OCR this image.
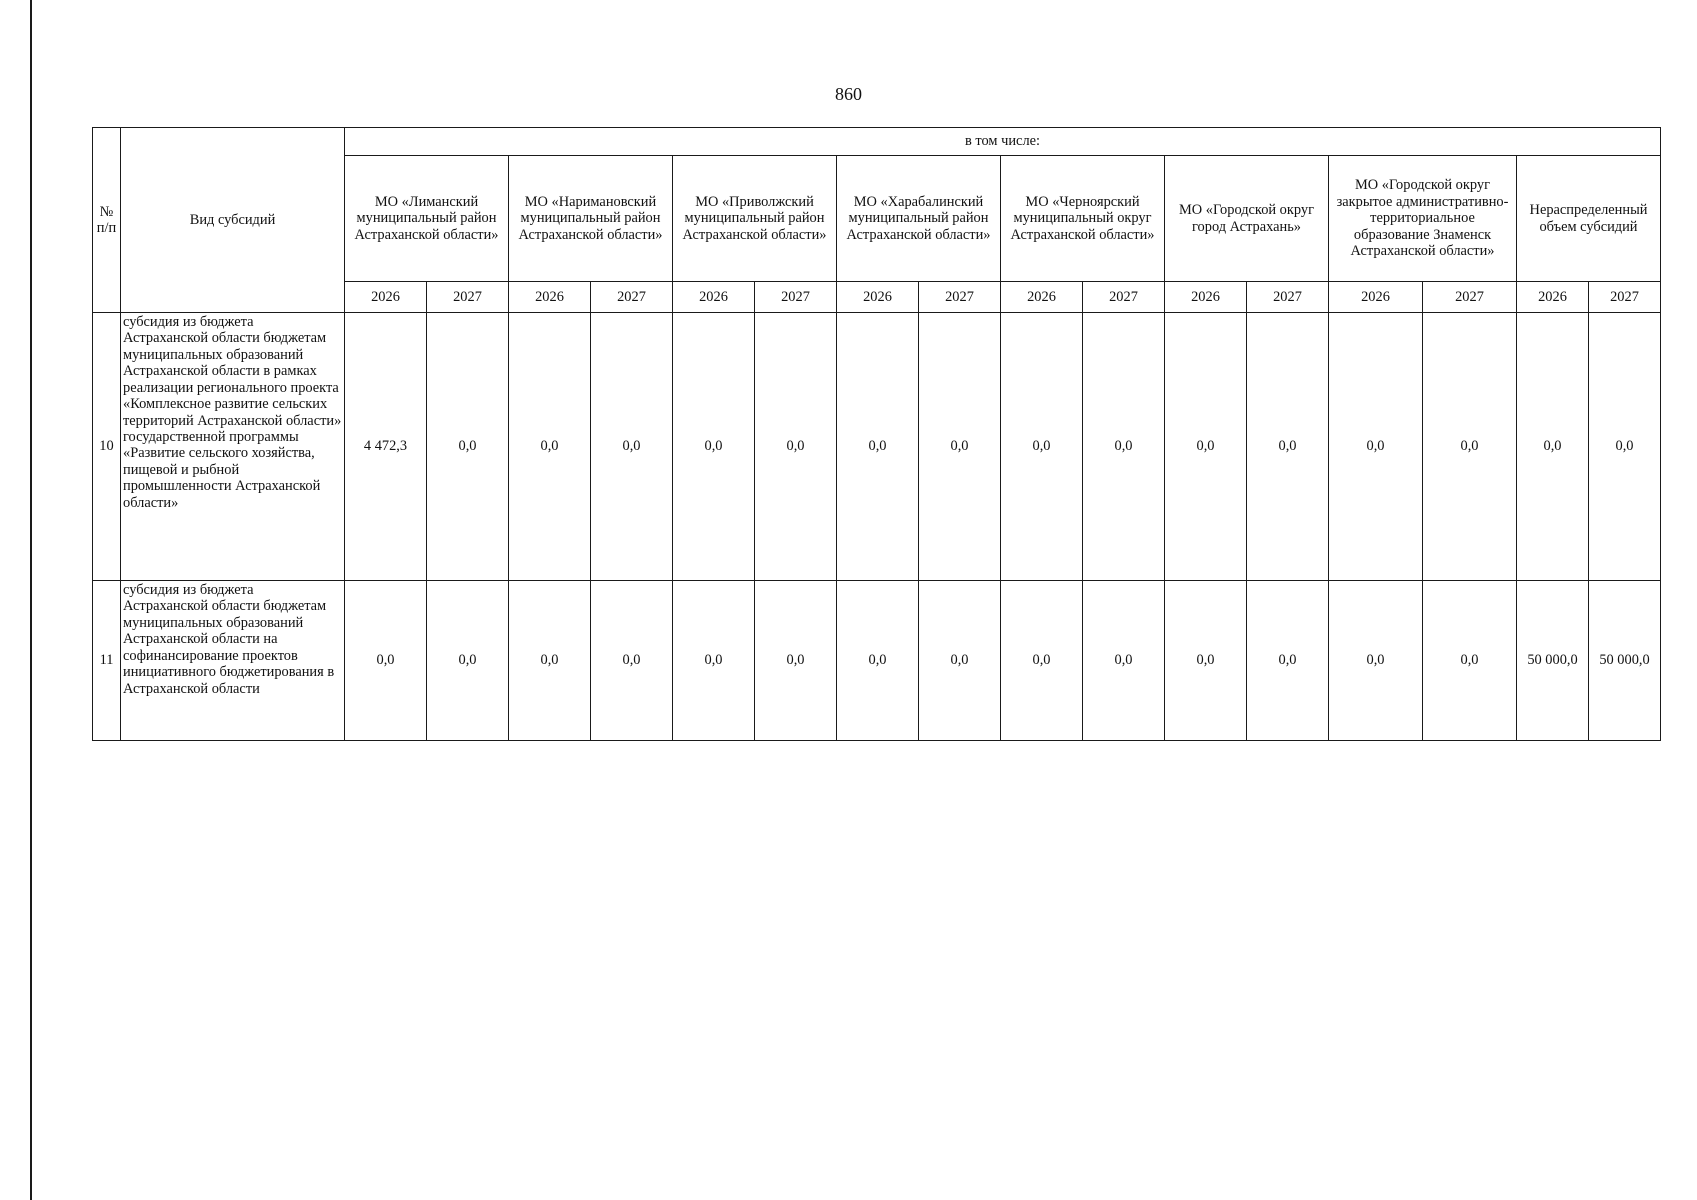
860
№ п/п	Вид субсидий	в том числе:															
		МО «Лиманский муниципальный район Астраханской области»		МО «Наримановский муниципальный район Астраханской области»		МО «Приволжский муниципальный район Астраханской области»		МО «Харабалинский муниципальный район Астраханской области»		МО «Черноярский муниципальный округ Астраханской области»		МО «Городской округ город Астрахань»		МО «Городской округ закрытое административно-территориальное образование Знаменск Астраханской области»		Нераспределенный объем субсидий	
		2026	2027	2026	2027	2026	2027	2026	2027	2026	2027	2026	2027	2026	2027	2026	2027
10	субсидия из бюджета Астраханской области бюджетам муниципальных образований Астраханской области в рамках реализации регионального проекта «Комплексное развитие сельских территорий Астраханской области» государственной программы «Развитие сельского хозяйства, пищевой и рыбной промышленности Астраханской области»	4 472,3	0,0	0,0	0,0	0,0	0,0	0,0	0,0	0,0	0,0	0,0	0,0	0,0	0,0	0,0	0,0
11	субсидия из бюджета Астраханской области бюджетам муниципальных образований Астраханской области на софинансирование проектов инициативного бюджетирования в Астраханской области	0,0	0,0	0,0	0,0	0,0	0,0	0,0	0,0	0,0	0,0	0,0	0,0	0,0	0,0	50 000,0	50 000,0
